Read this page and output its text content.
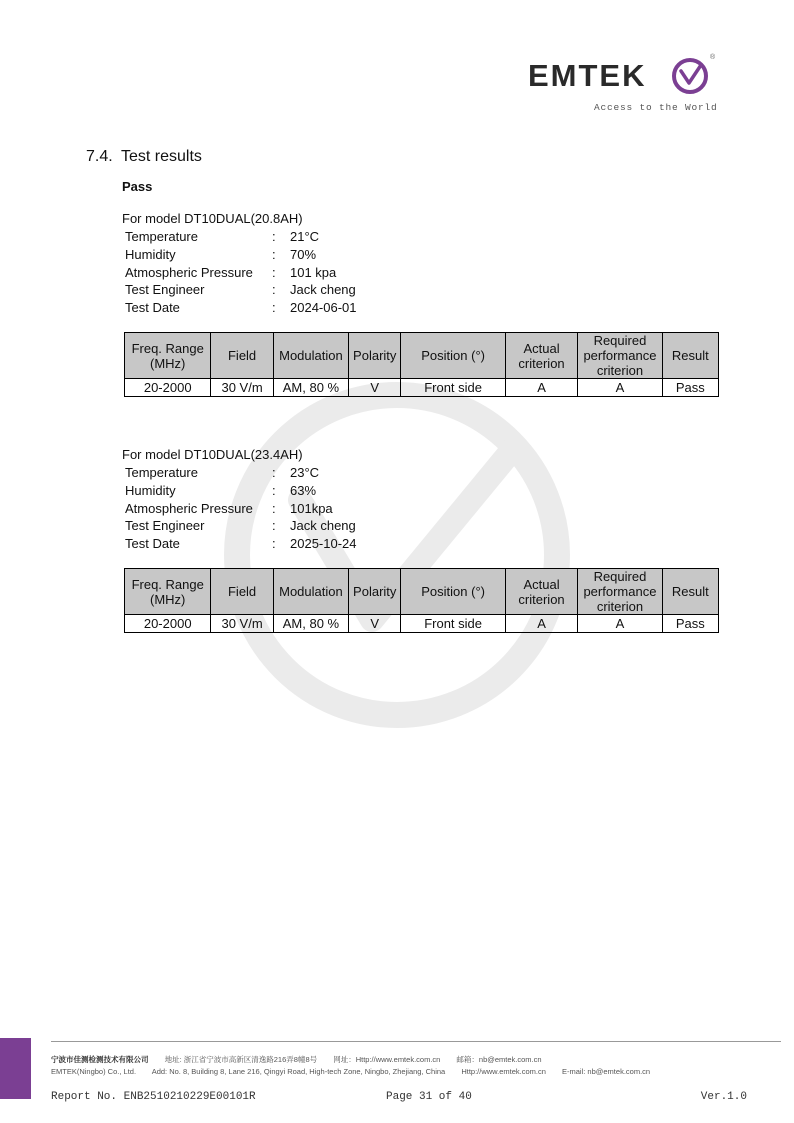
EMTEK
®
Access to the World
7.4. Test results
Pass
For model DT10DUAL(20.8AH)
Temperature	: 21°C
Humidity	: 70%
Atmospheric Pressure : 101 kpa
Test Engineer	: Jack cheng
Test Date	: 2024-06-01
Freq. Range (MHz)	Field	Modulation	Polarity	Position (°)	Actual criterion	Required performance criterion	Result
20-2000	30 V/m	AM, 80 %	V	Front side	A	A	Pass
For model DT10DUAL(23.4AH)
Temperature	: 23°C
Humidity	: 63%
Atmospheric Pressure : 101kpa
Test Engineer	: Jack cheng
Test Date	: 2025-10-24
Freq. Range (MHz)	Field	Modulation	Polarity	Position (°)	Actual criterion	Required performance criterion	Result
20-2000	30 V/m	AM, 80 %	V	Front side	A	A	Pass
宁波市佳测检测技术有限公司 地址: 浙江省宁波市高新区清逸路216弄8幢8号 网址：Http://www.emtek.com.cn 邮箱：nb@emtek.com.cn
EMTEK(Ningbo) Co., Ltd. Add: No. 8, Building 8, Lane 216, Qingyi Road, High-tech Zone, Ningbo, Zhejiang, China Http://www.emtek.com.cn E-mail: nb@emtek.com.cn
Report No. ENB2510210229E00101R	Page 31 of 40	Ver.1.0
